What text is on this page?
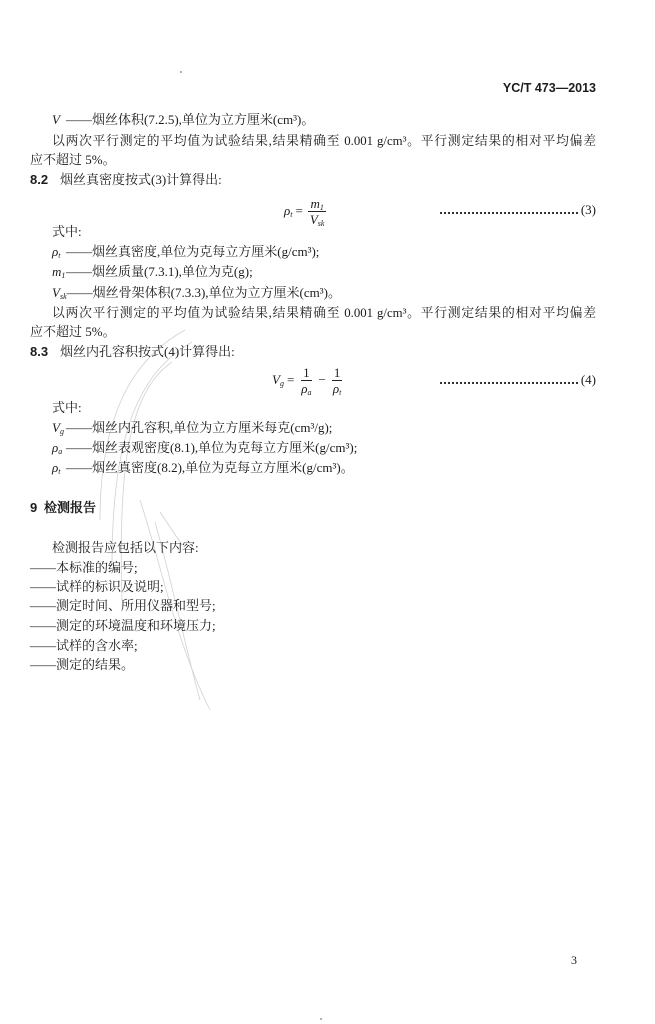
YC/T 473—2013
V ——烟丝体积(7.2.5),单位为立方厘米(cm³)。
以两次平行测定的平均值为试验结果,结果精确至 0.001 g/cm³。平行测定结果的相对平均偏差
应不超过 5%。
8.2 烟丝真密度按式(3)计算得出:
$\rho_t = \frac{m_1}{V_{sk}}$	(3)
式中:
$\rho_t$ ——烟丝真密度,单位为克每立方厘米(g/cm³);
$m_1——$烟丝质量(7.3.1),单位为克(g);
$V_{sk}——$烟丝骨架体积(7.3.3),单位为立方厘米(cm³)。
以两次平行测定的平均值为试验结果,结果精确至 0.001 g/cm³。平行测定结果的相对平均偏差
应不超过 5%。
8.3 烟丝内孔容积按式(4)计算得出:
$V_g = \frac{1}{\rho_a} - \frac{1}{\rho_t}$	(4)
式中:
$V_g$ ——烟丝内孔容积,单位为立方厘米每克(cm³/g);
$\rho_a$ ——烟丝表观密度(8.1),单位为克每立方厘米(g/cm³);
$\rho_t$ ——烟丝真密度(8.2),单位为克每立方厘米(g/cm³)。
9 检测报告
检测报告应包括以下内容:
——本标准的编号;
——试样的标识及说明;
——测定时间、所用仪器和型号;
——测定的环境温度和环境压力;
——试样的含水率;
——测定的结果。
3
